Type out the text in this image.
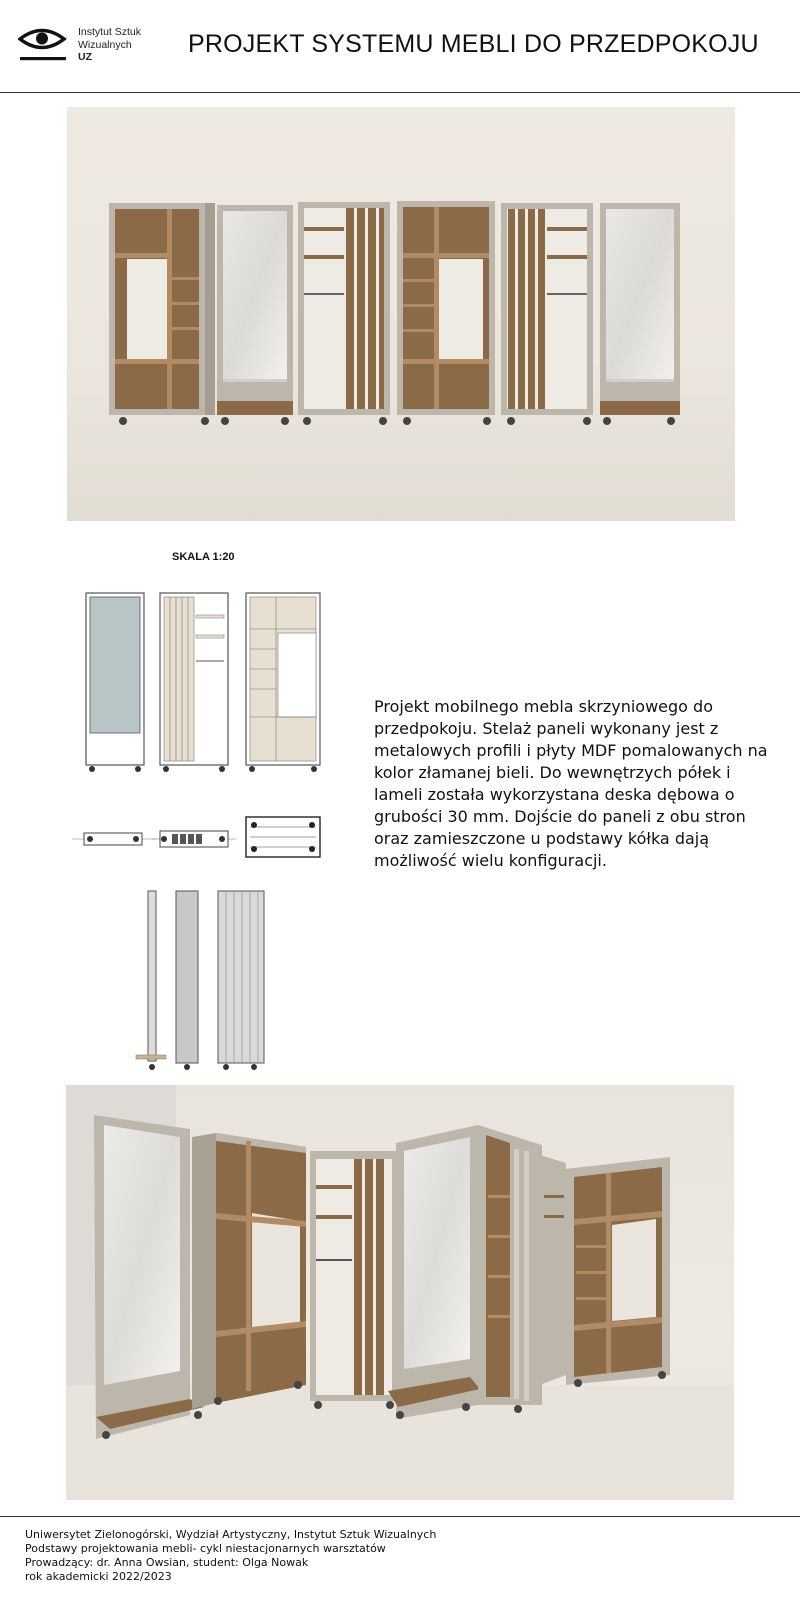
Instytut Sztuk
Wizualnych
UZ	PROJEKT SYSTEMU MEBLI DO PRZEDPOKOJU
SKALA 1:20
Projekt mobilnego mebla skrzyniowego do przedpokoju. Stelaż paneli wykonany jest z metalowych profili i płyty MDF pomalowanych na kolor złamanej bieli. Do wewnętrzych półek i lameli została wykorzystana deska dębowa o grubości 30 mm. Dojście do paneli z obu stron oraz zamieszczone u podstawy kółka dają możliwość wielu konfiguracji.
Uniwersytet Zielonogórski, Wydział Artystyczny, Instytut Sztuk Wizualnych
Podstawy projektowania mebli- cykl niestacjonarnych warsztatów
Prowadzący: dr. Anna Owsian, student: Olga Nowak
rok akademicki 2022/2023
